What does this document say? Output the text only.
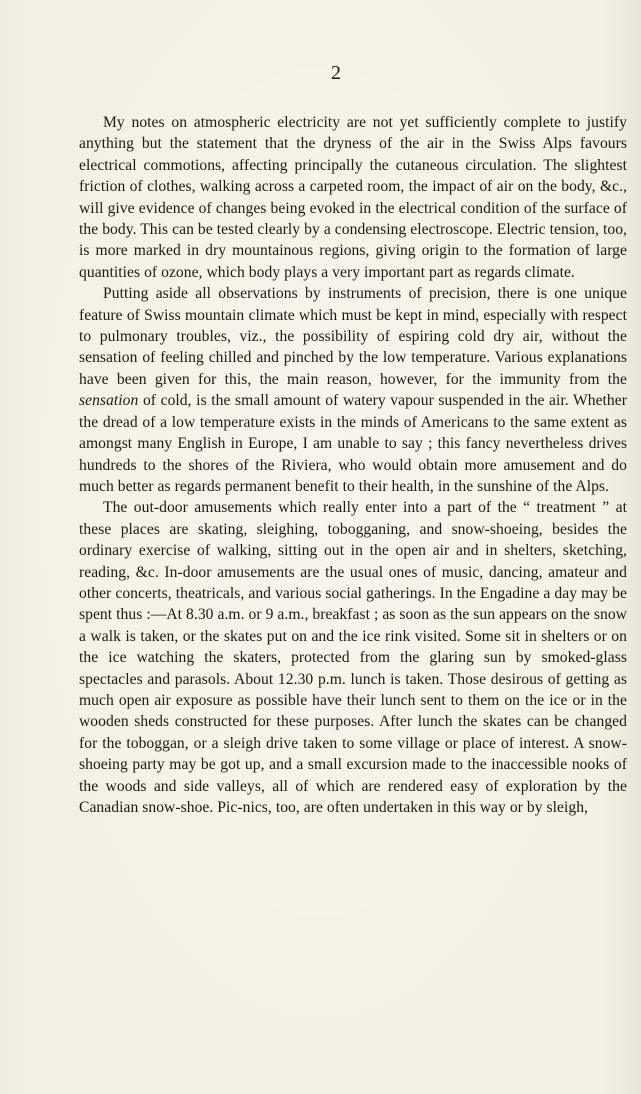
2

My notes on atmospheric electricity are not yet sufficiently complete to justify anything but the statement that the dryness of the air in the Swiss Alps favours electrical commotions, affecting principally the cutaneous circulation. The slightest friction of clothes, walking across a carpeted room, the impact of air on the body, &c., will give evidence of changes being evoked in the electrical condition of the surface of the body. This can be tested clearly by a condensing electroscope. Electric tension, too, is more marked in dry mountainous regions, giving origin to the formation of large quantities of ozone, which body plays a very important part as regards climate.

Putting aside all observations by instruments of precision, there is one unique feature of Swiss mountain climate which must be kept in mind, especially with respect to pulmonary troubles, viz., the possibility of espiring cold dry air, without the sensation of feeling chilled and pinched by the low temperature. Various explanations have been given for this, the main reason, however, for the immunity from the sensation of cold, is the small amount of watery vapour suspended in the air. Whether the dread of a low temperature exists in the minds of Americans to the same extent as amongst many English in Europe, I am unable to say ; this fancy nevertheless drives hundreds to the shores of the Riviera, who would obtain more amusement and do much better as regards permanent benefit to their health, in the sunshine of the Alps.

The out-door amusements which really enter into a part of the “ treatment ” at these places are skating, sleighing, tobogganing, and snow-shoeing, besides the ordinary exercise of walking, sitting out in the open air and in shelters, sketching, reading, &c. In-door amusements are the usual ones of music, dancing, amateur and other concerts, theatricals, and various social gatherings. In the Engadine a day may be spent thus :—At 8.30 a.m. or 9 a.m., breakfast ; as soon as the sun appears on the snow a walk is taken, or the skates put on and the ice rink visited. Some sit in shelters or on the ice watching the skaters, protected from the glaring sun by smoked-glass spectacles and parasols. About 12.30 p.m. lunch is taken. Those desirous of getting as much open air exposure as possible have their lunch sent to them on the ice or in the wooden sheds constructed for these purposes. After lunch the skates can be changed for the toboggan, or a sleigh drive taken to some village or place of interest. A snow-shoeing party may be got up, and a small excursion made to the inaccessible nooks of the woods and side valleys, all of which are rendered easy of exploration by the Canadian snow-shoe. Pic-nics, too, are often undertaken in this way or by sleigh,
